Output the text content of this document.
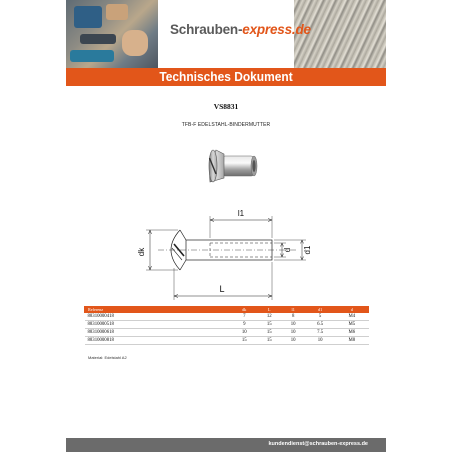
Schrauben-express.de
Technisches Dokument
VS8831
TFB-F EDELSTAHL-BINDERMUTTER
dk
l1
d d1
L
Referenz	dk	L	l1	d1	d
88310000418	7	12	8	5	M4
88310000518	9	15	10	6.5	M5
88310000618	10	15	10	7.5	M6
88310000818	15	15	10	10	M8
Material: Edelstahl A2
kundendienst@schrauben-express.de
